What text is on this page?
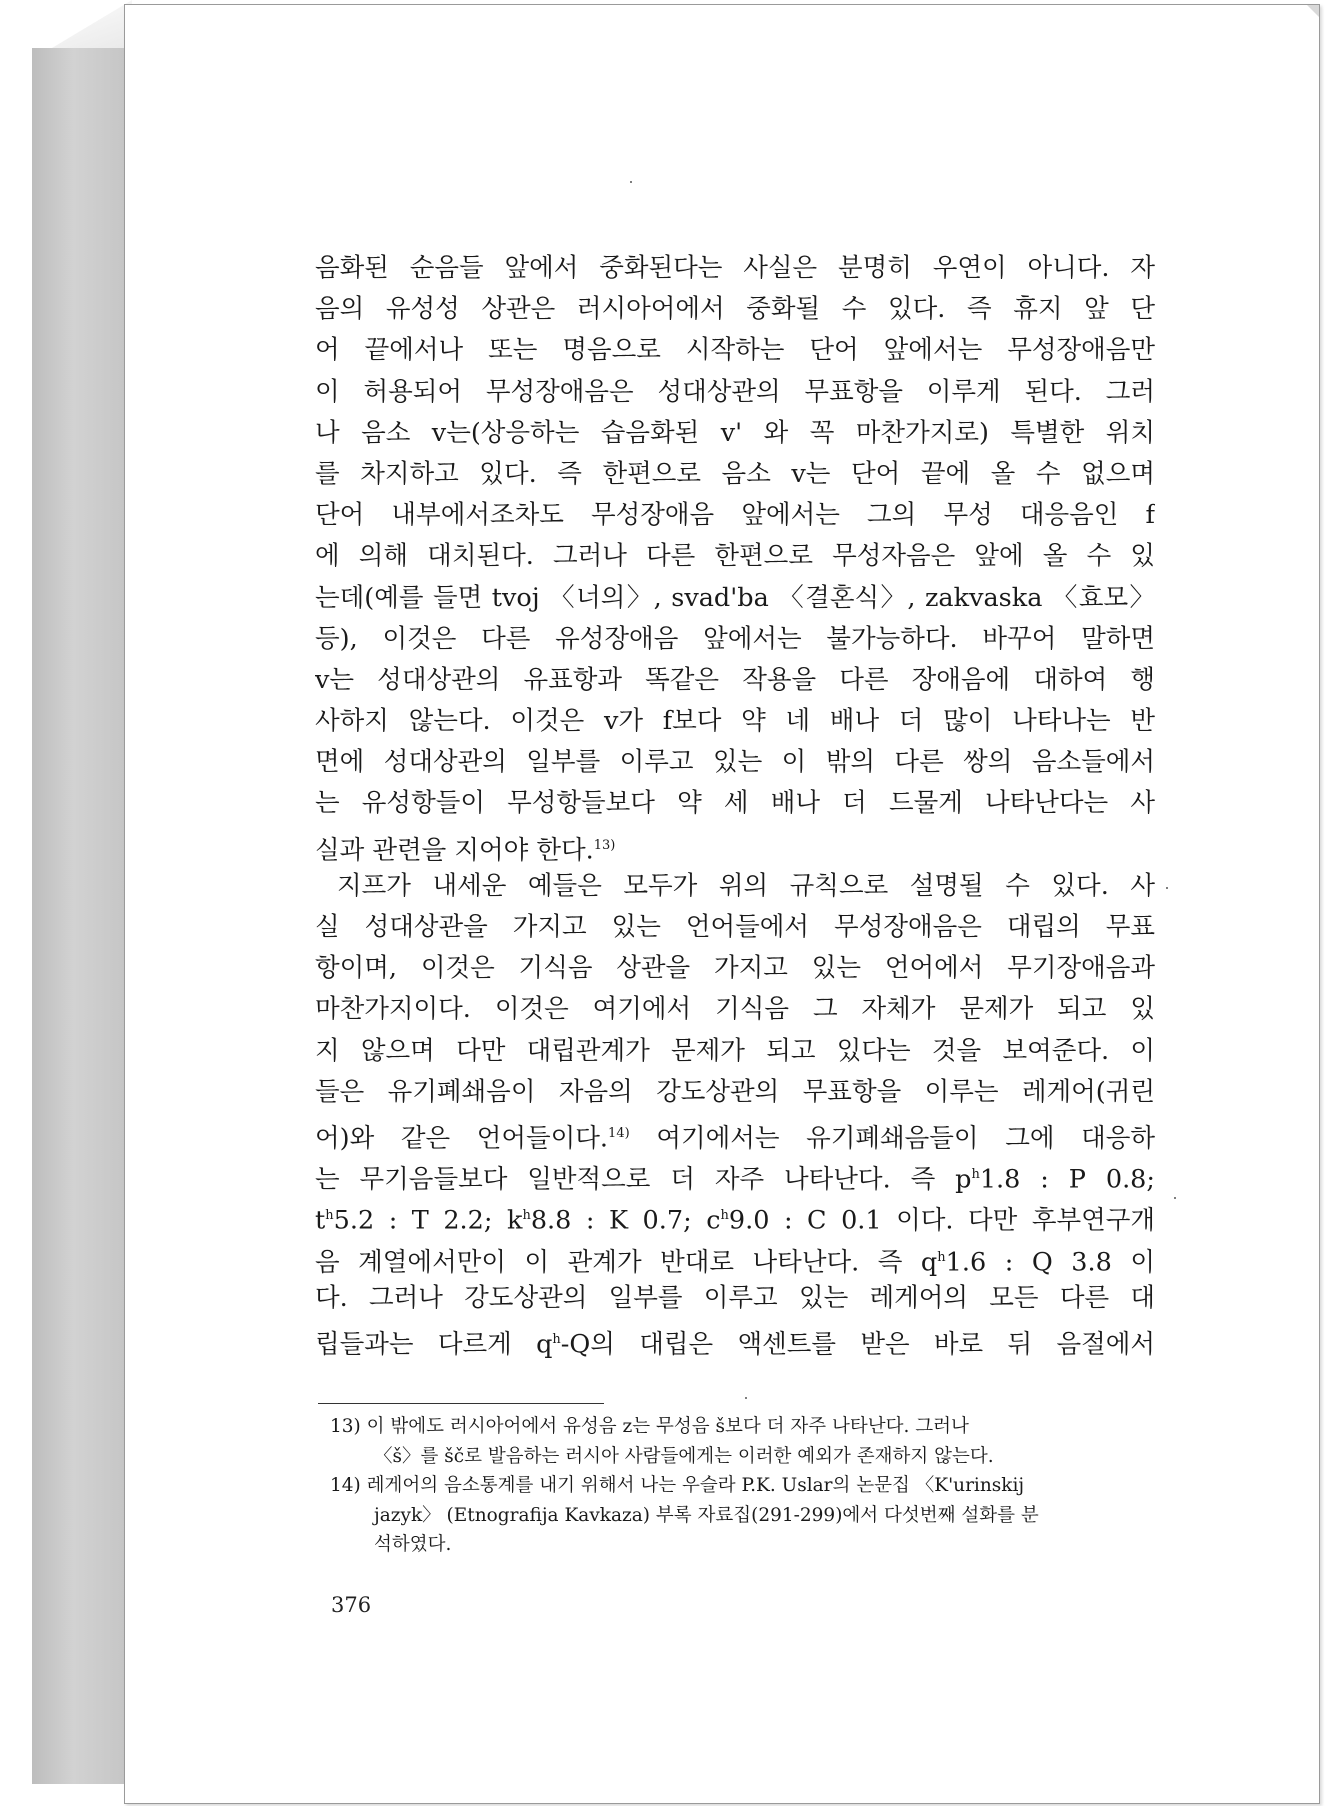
음화된 순음들 앞에서 중화된다는 사실은 분명히 우연이 아니다. 자
음의 유성성 상관은 러시아어에서 중화될 수 있다. 즉 휴지 앞 단
어 끝에서나 또는 명음으로 시작하는 단어 앞에서는 무성장애음만
이 허용되어 무성장애음은 성대상관의 무표항을 이루게 된다. 그러
나 음소 v는(상응하는 습음화된 v' 와 꼭 마찬가지로) 특별한 위치
를 차지하고 있다. 즉 한편으로 음소 v는 단어 끝에 올 수 없으며
단어 내부에서조차도 무성장애음 앞에서는 그의 무성 대응음인 f
에 의해 대치된다. 그러나 다른 한편으로 무성자음은 앞에 올 수 있
는데(예를 들면 tvoj 〈너의〉, svad'ba 〈결혼식〉, zakvaska 〈효모〉
등), 이것은 다른 유성장애음 앞에서는 불가능하다. 바꾸어 말하면
v는 성대상관의 유표항과 똑같은 작용을 다른 장애음에 대하여 행
사하지 않는다. 이것은 v가 f보다 약 네 배나 더 많이 나타나는 반
면에 성대상관의 일부를 이루고 있는 이 밖의 다른 쌍의 음소들에서
는 유성항들이 무성항들보다 약 세 배나 더 드물게 나타난다는 사
실과 관련을 지어야 한다.$^{13)}$
지프가 내세운 예들은 모두가 위의 규칙으로 설명될 수 있다. 사
실 성대상관을 가지고 있는 언어들에서 무성장애음은 대립의 무표
항이며, 이것은 기식음 상관을 가지고 있는 언어에서 무기장애음과
마찬가지이다. 이것은 여기에서 기식음 그 자체가 문제가 되고 있
지 않으며 다만 대립관계가 문제가 되고 있다는 것을 보여준다. 이
들은 유기폐쇄음이 자음의 강도상관의 무표항을 이루는 레게어(귀린
어)와 같은 언어들이다.$^{14)}$ 여기에서는 유기폐쇄음들이 그에 대응하
는 무기음들보다 일반적으로 더 자주 나타난다. 즉 $p^h1.8$ : P 0.8;
$t^h5.2$ : T 2.2; $k^h8.8$ : K 0.7; $c^h9.0$ : C 0.1 이다. 다만 후부연구개
음 계열에서만이 이 관계가 반대로 나타난다. 즉 $q^h1.6$ : Q 3.8 이
다. 그러나 강도상관의 일부를 이루고 있는 레게어의 모든 다른 대
립들과는 다르게 $q^h-Q$의 대립은 액센트를 받은 바로 뒤 음절에서
13) 이 밖에도 러시아어에서 유성음 z는 무성음 š보다 더 자주 나타난다. 그러나
〈š〉를 šč로 발음하는 러시아 사람들에게는 이러한 예외가 존재하지 않는다.
14) 레게어의 음소통계를 내기 위해서 나는 우슬라 P.K. Uslar의 논문집 〈K'urinskij
jazyk〉 (Etnografija Kavkaza) 부록 자료집(291-299)에서 다섯번째 설화를 분
석하였다.
376
